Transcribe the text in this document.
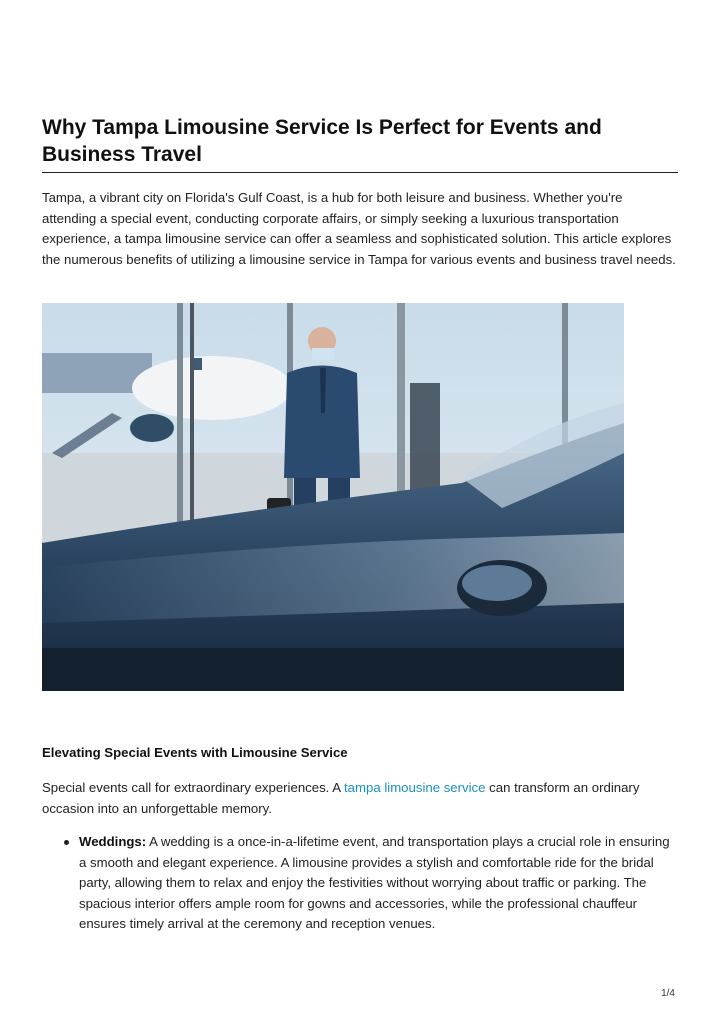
Why Tampa Limousine Service Is Perfect for Events and Business Travel

Tampa, a vibrant city on Florida's Gulf Coast, is a hub for both leisure and business. Whether you're attending a special event, conducting corporate affairs, or simply seeking a luxurious transportation experience, a tampa limousine service can offer a seamless and sophisticated solution. This article explores the numerous benefits of utilizing a limousine service in Tampa for various events and business travel needs.

Elevating Special Events with Limousine Service

Special events call for extraordinary experiences. A tampa limousine service can transform an ordinary occasion into an unforgettable memory.

Weddings: A wedding is a once-in-a-lifetime event, and transportation plays a crucial role in ensuring a smooth and elegant experience. A limousine provides a stylish and comfortable ride for the bridal party, allowing them to relax and enjoy the festivities without worrying about traffic or parking. The spacious interior offers ample room for gowns and accessories, while the professional chauffeur ensures timely arrival at the ceremony and reception venues.
1/4
